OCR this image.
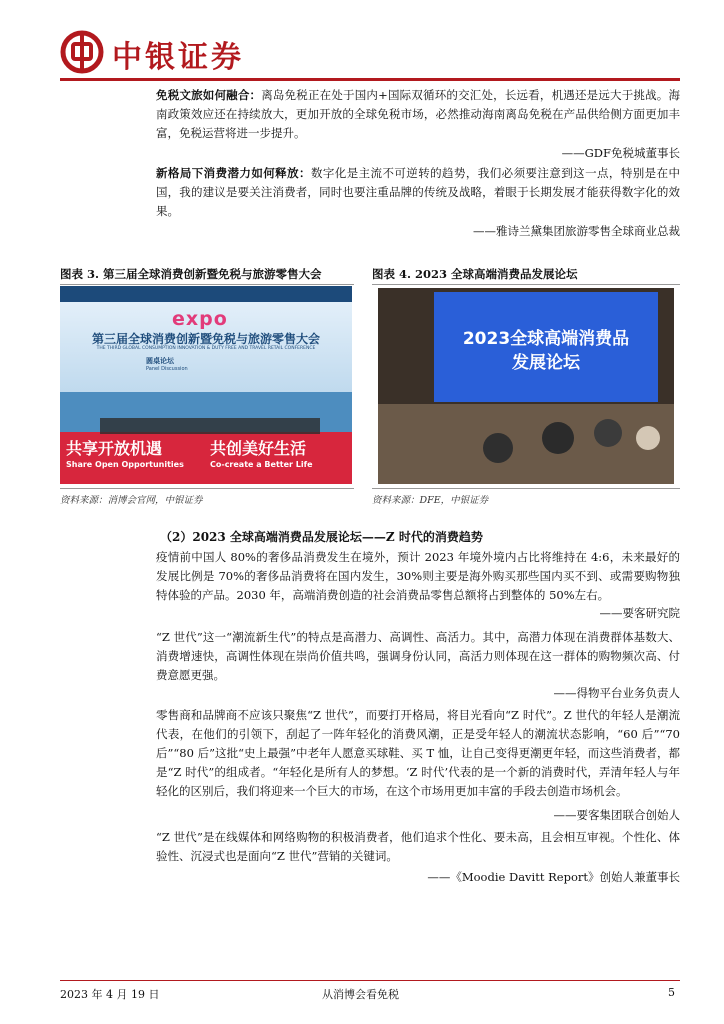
中银证券
免税文旅如何融合：离岛免税正在处于国内+国际双循环的交汇处，长远看，机遇还是远大于挑战。海南政策效应还在持续放大，更加开放的全球免税市场，必然推动海南离岛免税在产品供给侧方面更加丰富，免税运营将进一步提升。
——GDF免税城董事长
新格局下消费潜力如何释放：数字化是主流不可逆转的趋势，我们必须要注意到这一点，特别是在中国，我的建议是要关注消费者，同时也要注重品牌的传统及战略，着眼于长期发展才能获得数字化的效果。
——雅诗兰黛集团旅游零售全球商业总裁
图表 3. 第三届全球消费创新暨免税与旅游零售大会
expo
第三届全球消费创新暨免税与旅游零售大会
THE THIRD GLOBAL CONSUMPTION INNOVATION & DUTY FREE AND TRAVEL RETAIL CONFERENCE
圆桌论坛
Panel Discussion
共享开放机遇	共创美好生活
Share Open Opportunities	Co-create a Better Life
资料来源：消博会官网，中银证券
图表 4. 2023 全球高端消费品发展论坛
2023全球高端消费品
发展论坛
资料来源：DFE，中银证券
（2）2023 全球高端消费品发展论坛——Z 时代的消费趋势
疫情前中国人 80%的奢侈品消费发生在境外，预计 2023 年境外境内占比将维持在 4:6，未来最好的发展比例是 70%的奢侈品消费将在国内发生，30%则主要是海外购买那些国内买不到、或需要购物独特体验的产品。2030 年，高端消费创造的社会消费品零售总额将占到整体的 50%左右。
——要客研究院
“Z 世代”这一“潮流新生代”的特点是高潜力、高调性、高活力。其中，高潜力体现在消费群体基数大、消费增速快，高调性体现在崇尚价值共鸣，强调身份认同，高活力则体现在这一群体的购物频次高、付费意愿更强。
——得物平台业务负责人
零售商和品牌商不应该只聚焦“Z 世代”，而要打开格局，将目光看向“Z 时代”。Z 世代的年轻人是潮流代表，在他们的引领下，刮起了一阵年轻化的消费风潮，正是受年轻人的潮流状态影响，“60 后”“70 后”“80 后”这批“史上最强”中老年人愿意买球鞋、买 T 恤，让自己变得更潮更年轻，而这些消费者，都是“Z 时代”的组成者。“年轻化是所有人的梦想。‘Z 时代’代表的是一个新的消费时代，弄清年轻人与年轻化的区别后，我们将迎来一个巨大的市场，在这个市场用更加丰富的手段去创造市场机会。
——要客集团联合创始人
“Z 世代”是在线媒体和网络购物的积极消费者，他们追求个性化、要未高，且会相互审视。个性化、体验性、沉浸式也是面向“Z 世代”营销的关键词。
——《Moodie Davitt Report》创始人兼董事长
2023 年 4 月 19 日	从消博会看免税	5
